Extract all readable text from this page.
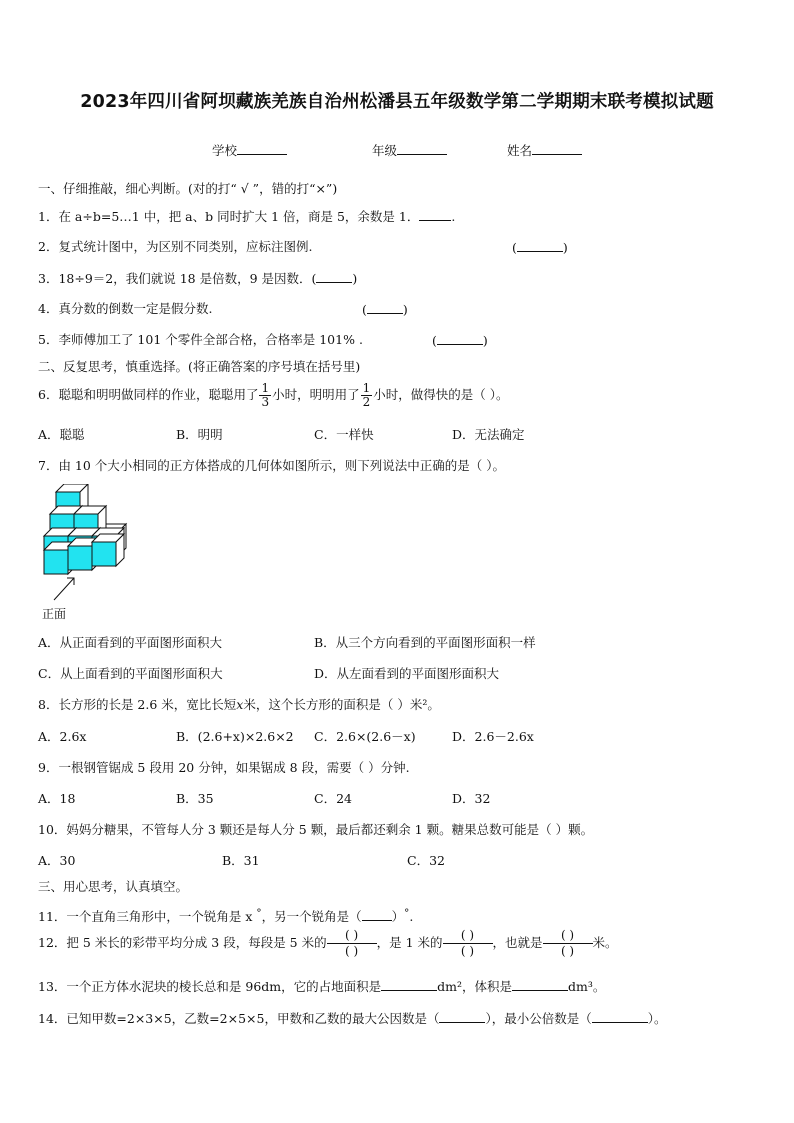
2023年四川省阿坝藏族羌族自治州松潘县五年级数学第二学期期末联考模拟试题
学校	年级	姓名
一、仔细推敲，细心判断。(对的打“ √ ”，错的打“×”)
1．在 a÷b=5…1 中，把 a、b 同时扩大 1 倍，商是 5，余数是 1．	.
2．复式统计图中，为区别不同类别，应标注图例.	(	)
3．18÷9＝2，我们就说 18 是倍数，9 是因数．(	)
4．真分数的倒数一定是假分数.	(	)
5．李师傅加工了 101 个零件全部合格，合格率是 101% .	(	)
二、反复思考，慎重选择。(将正确答案的序号填在括号里)
6．聪聪和明明做同样的作业，聪聪用了 $\frac{1}{3}$ 小时，明明用了 $\frac{1}{2}$ 小时，做得快的是（ ）。
A．聪聪	B．明明	C．一样快	D．无法确定
7．由 10 个大小相同的正方体搭成的几何体如图所示，则下列说法中正确的是（ ）。
正面
A．从正面看到的平面图形面积大	B．从三个方向看到的平面图形面积一样
C．从上面看到的平面图形面积大	D．从左面看到的平面图形面积大
8．长方形的长是 2.6 米，宽比长短x米，这个长方形的面积是（ ）米²。
A．2.6x	B．(2.6+x)×2.6×2 C．2.6×(2.6－x)	D．2.6－2.6x
9．一根钢管锯成 5 段用 20 分钟，如果锯成 8 段，需要（ ）分钟.
A．18	B．35	C．24	D．32
10．妈妈分糖果，不管每人分 3 颗还是每人分 5 颗，最后都还剩余 1 颗。糖果总数可能是（ ）颗。
A．30	B．31	C．32
三、用心思考，认真填空。
11．一个直角三角形中，一个锐角是 x °，另一个锐角是（ ）°.
12．把 5 米长的彩带平均分成 3 段，每段是 5 米的 $\frac{( )}{( )}$ ，是 1 米的 $\frac{( )}{( )}$ ，也就是 $\frac{( )}{( )}$ 米。
13．一个正方体水泥块的棱长总和是 96dm，它的占地面积是	dm²，体积是	dm³。
14．已知甲数=2×3×5，乙数=2×5×5，甲数和乙数的最大公因数是（	），最小公倍数是（	）。
